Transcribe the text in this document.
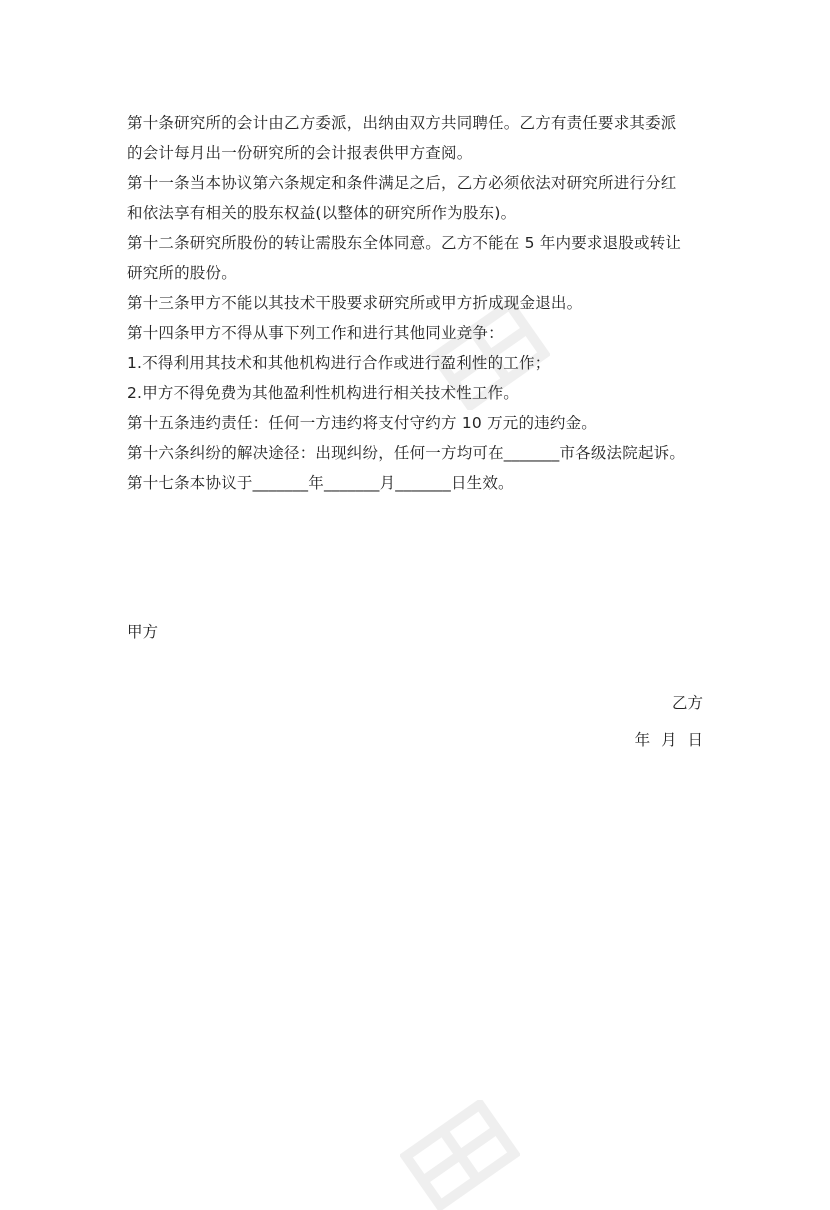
第十条研究所的会计由乙方委派，出纳由双方共同聘任。乙方有责任要求其委派

的会计每月出一份研究所的会计报表供甲方查阅。

第十一条当本协议第六条规定和条件满足之后，乙方必须依法对研究所进行分红

和依法享有相关的股东权益(以整体的研究所作为股东)。

第十二条研究所股份的转让需股东全体同意。乙方不能在 5 年内要求退股或转让

研究所的股份。

第十三条甲方不能以其技术干股要求研究所或甲方折成现金退出。

第十四条甲方不得从事下列工作和进行其他同业竞争：

1.不得利用其技术和其他机构进行合作或进行盈利性的工作；

2.甲方不得免费为其他盈利性机构进行相关技术性工作。

第十五条违约责任：任何一方违约将支付守约方 10 万元的违约金。

第十六条纠纷的解决途径：出现纠纷，任何一方均可在_______市各级法院起诉。

第十七条本协议于_______年_______月_______日生效。

甲方
乙方
年 月 日
